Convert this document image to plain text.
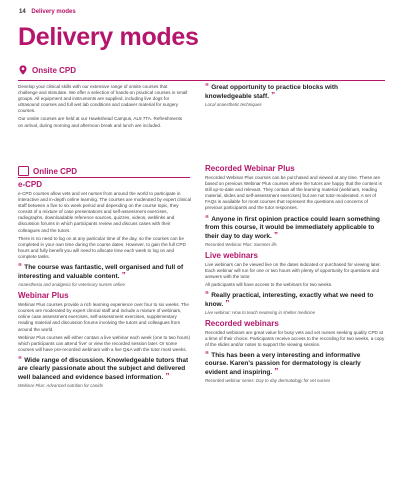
14 Delivery modes
Delivery modes
Onsite CPD

Develop your clinical skills with our extensive range of onsite courses that challenge and stimulate. We offer a selection of hands-on practical courses in small groups. All equipment and instruments are supplied, including live dogs for ultrasound courses and full wet lab conditions and cadaver material for surgery courses.

Our onsite courses are held at our Hawkshead Campus, AL9 7TA. Refreshments on arrival, during morning and afternoon break and lunch are included.

“ Great opportunity to practice blocks with knowledgeable staff. ”
Local anaesthetic techniques
Online CPD
e-CPD

e-CPD courses allow vets and vet nurses from around the world to participate in interactive and in-depth online learning. The courses are moderated by expert clinical staff between a five to six week period and depending on the course topic, they consist of a mixture of case presentations and self-assessment exercises, radiographs, downloadable reference sources, quizzes, videos, weblinks and discussion forums in which participants review and discuss cases with their colleagues and the tutors.

There is no need to log on at any particular time of the day, so the courses can be completed in your own time during the course dates. However, to gain the full CPD hours and fully benefit you will need to allocate time each week to log on and complete tasks.

“ The course was fantastic, well organised and full of interesting and valuable content. ”
Anaesthesia and analgesia for veterinary nurses online
Webinar Plus

Webinar Plus courses provide a rich learning experience over four to six weeks. The courses are moderated by expert clinical staff and include a mixture of webinars, online case assessment exercises, self-assessment exercises, supplementary reading material and discussion forums involving the tutors and colleagues from around the world.

Webinar Plus courses will either contain a live webinar each week (one to two hours) which participants can attend 'live' or view the recorded session later. Or some courses will have pre-recorded webinars with a live Q&A with the tutor most weeks.

“ Wide range of discussion. Knowledgeable tutors that are clearly passionate about the subject and delivered well balanced and evidence based information. ”
Webinar Plus: Advanced nutrition for canids
Recorded Webinar Plus

Recorded Webinar Plus courses can be purchased and viewed at any time. These are based on previous Webinar Plus courses where the tutors are happy that the content is still up-to-date and relevant. They contain all the learning material (webinars, reading material, slides and self-assessment exercises) but are not tutor-moderated. A set of FAQs is available for most courses that represent the questions and concerns of previous participants and the tutor responses.

“ Anyone in first opinion practice could learn something from this course, it would be immediately applicable to their day to day work. ”
Recorded Webinar Plus: Summer ills
Live webinars

Live webinars can be viewed live on the dates indicated or purchased for viewing later. Each webinar will run for one or two hours with plenty of opportunity for questions and answers with the tutor.

All participants will have access to the webinars for two weeks.

“ Really practical, interesting, exactly what we need to know. ”
Live webinar: How to teach neutering in shelter medicine
Recorded webinars

Recorded webinars are great value for busy vets and vet nurses seeking quality CPD at a time of their choice. Participants receive access to the recording for two weeks, a copy of the slides and/or notes to support the viewing session.

“ This has been a very interesting and informative course. Karen's passion for dermatology is clearly evident and inspiring. ”
Recorded webinar series: Day to day dermatology for vet nurses
